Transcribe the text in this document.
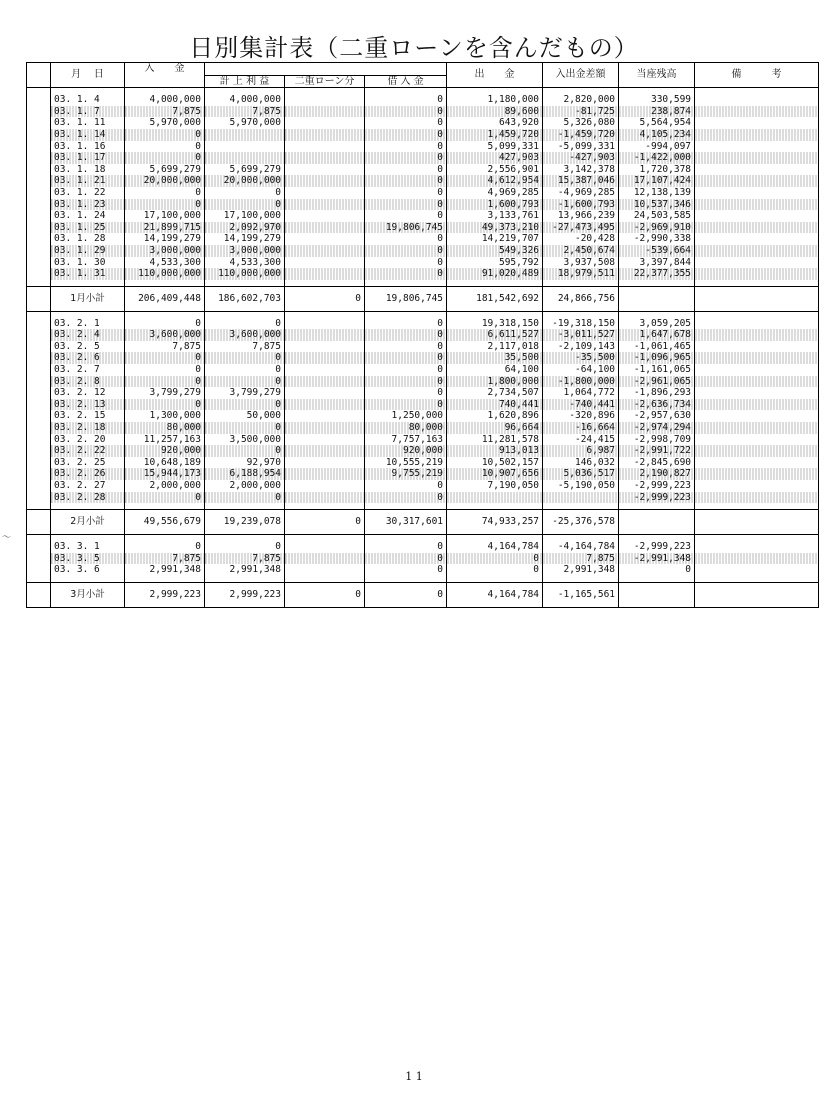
日別集計表（二重ローンを含んだもの）
	月 日	入　　金				出　　金	入出金差額	当座残高	備　　　考
			計 上 利 益	二重ローン分	借 入 金				

	03. 1. 4	4,000,000	4,000,000		0	1,180,000	2,820,000	330,599	
	03. 1. 7	7,875	7,875		0	89,600	-81,725	238,874	
	03. 1. 11	5,970,000	5,970,000		0	643,920	5,326,080	5,564,954	
	03. 1. 14	0			0	1,459,720	-1,459,720	4,105,234	
	03. 1. 16	0			0	5,099,331	-5,099,331	-994,097	
	03. 1. 17	0			0	427,903	-427,903	-1,422,000	
	03. 1. 18	5,699,279	5,699,279		0	2,556,901	3,142,378	1,720,378	
	03. 1. 21	20,000,000	20,000,000		0	4,612,954	15,387,046	17,107,424	
	03. 1. 22	0	0		0	4,969,285	-4,969,285	12,138,139	
	03. 1. 23	0	0		0	1,600,793	-1,600,793	10,537,346	
	03. 1. 24	17,100,000	17,100,000		0	3,133,761	13,966,239	24,503,585	
	03. 1. 25	21,899,715	2,092,970		19,806,745	49,373,210	-27,473,495	-2,969,910	
	03. 1. 28	14,199,279	14,199,279		0	14,219,707	-20,428	-2,990,338	
	03. 1. 29	3,000,000	3,000,000		0	549,326	2,450,674	-539,664	
	03. 1. 30	4,533,300	4,533,300		0	595,792	3,937,508	3,397,844	
	03. 1. 31	110,000,000	110,000,000		0	91,020,489	18,979,511	22,377,355	

	1月小計	206,409,448	186,602,703	0	19,806,745	181,542,692	24,866,756		

	03. 2. 1	0	0		0	19,318,150	-19,318,150	3,059,205	
	03. 2. 4	3,600,000	3,600,000		0	6,611,527	-3,011,527	1,647,678	
	03. 2. 5	7,875	7,875		0	2,117,018	-2,109,143	-1,061,465	
	03. 2. 6	0	0		0	35,500	-35,500	-1,096,965	
	03. 2. 7	0	0		0	64,100	-64,100	-1,161,065	
	03. 2. 8	0	0		0	1,800,000	-1,800,000	-2,961,065	
	03. 2. 12	3,799,279	3,799,279		0	2,734,507	1,064,772	-1,896,293	
	03. 2. 13	0	0		0	740,441	-740,441	-2,636,734	
	03. 2. 15	1,300,000	50,000		1,250,000	1,620,896	-320,896	-2,957,630	
	03. 2. 18	80,000	0		80,000	96,664	-16,664	-2,974,294	
	03. 2. 20	11,257,163	3,500,000		7,757,163	11,281,578	-24,415	-2,998,709	
	03. 2. 22	920,000	0		920,000	913,013	6,987	-2,991,722	
	03. 2. 25	10,648,189	92,970		10,555,219	10,502,157	146,032	-2,845,690	
	03. 2. 26	15,944,173	6,188,954		9,755,219	10,907,656	5,036,517	2,190,827	
	03. 2. 27	2,000,000	2,000,000		0	7,190,050	-5,190,050	-2,999,223	
	03. 2. 28	0	0		0			-2,999,223	

	2月小計	49,556,679	19,239,078	0	30,317,601	74,933,257	-25,376,578		

	03. 3. 1	0	0		0	4,164,784	-4,164,784	-2,999,223	
	03. 3. 5	7,875	7,875		0	0	7,875	-2,991,348	
	03. 3. 6	2,991,348	2,991,348		0	0	2,991,348	0	

	3月小計	2,999,223	2,999,223	0	0	4,164,784	-1,165,561		
1 1
〜
